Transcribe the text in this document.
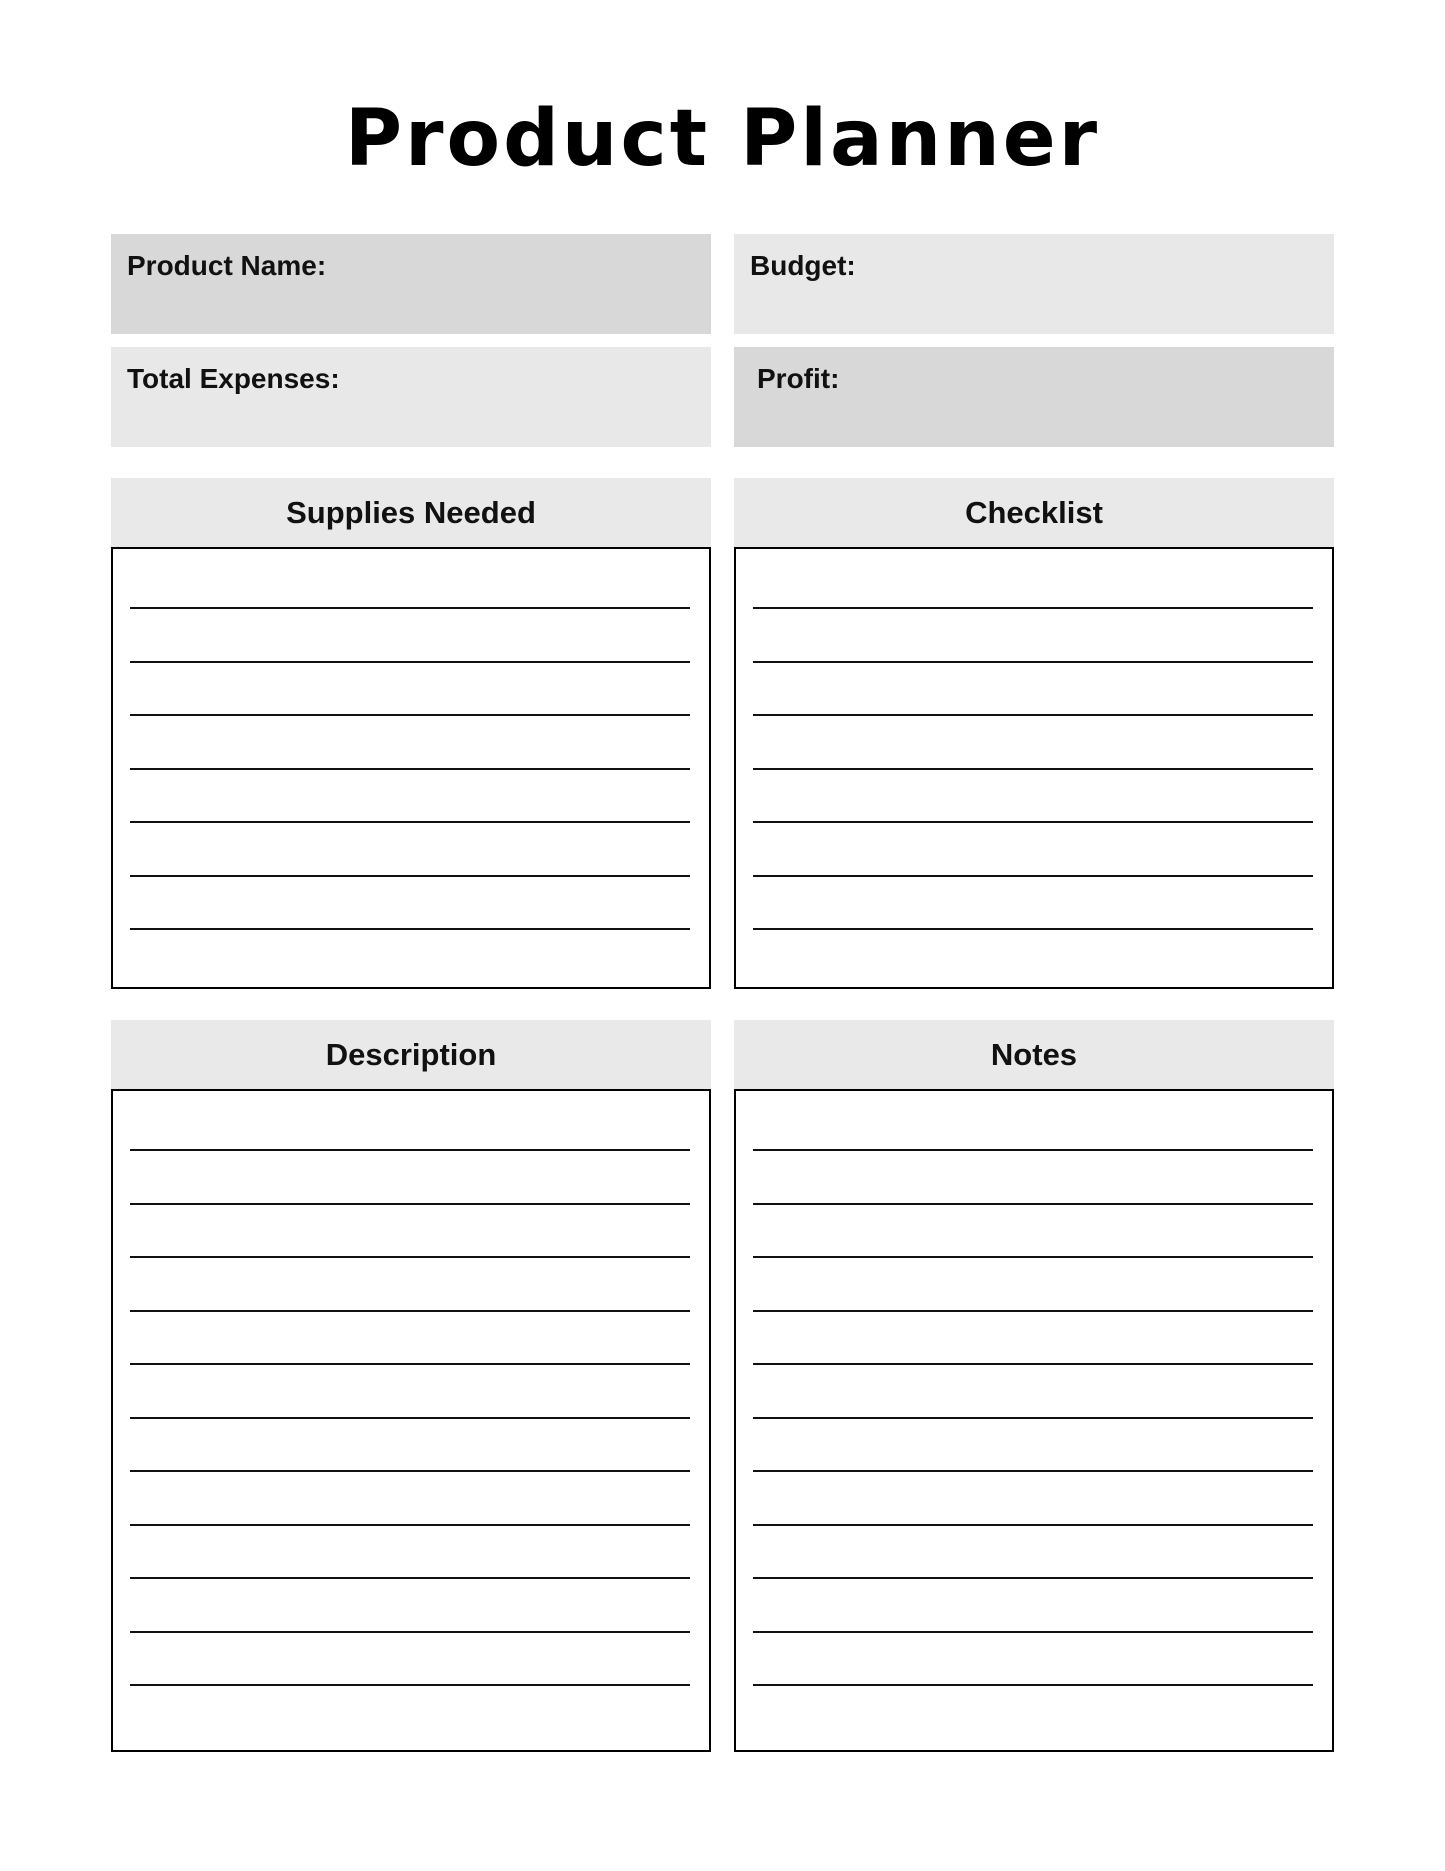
Product Planner
Product Name:	Budget:
Total Expenses:	Profit:
Supplies Needed	Checklist
Description	Notes
